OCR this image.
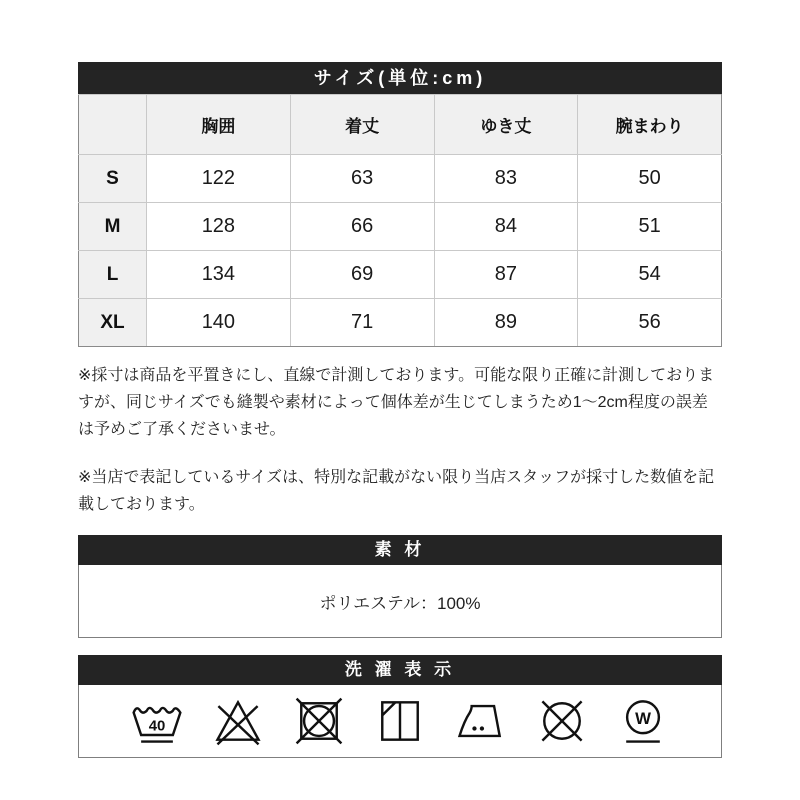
サイズ(単位:cm)
	胸囲	着丈	ゆき丈	腕まわり
S	122	63	83	50
M	128	66	84	51
L	134	69	87	54
XL	140	71	89	56

※採寸は商品を平置きにし、直線で計測しております。可能な限り正確に計測しておりますが、同じサイズでも縫製や素材によって個体差が生じてしまうため1〜2cm程度の誤差は予めご了承くださいませ。

※当店で表記しているサイズは、特別な記載がない限り当店スタッフが採寸した数値を記載しております。

素 材
ポリエステル：100%
洗 濯 表 示
40	W
